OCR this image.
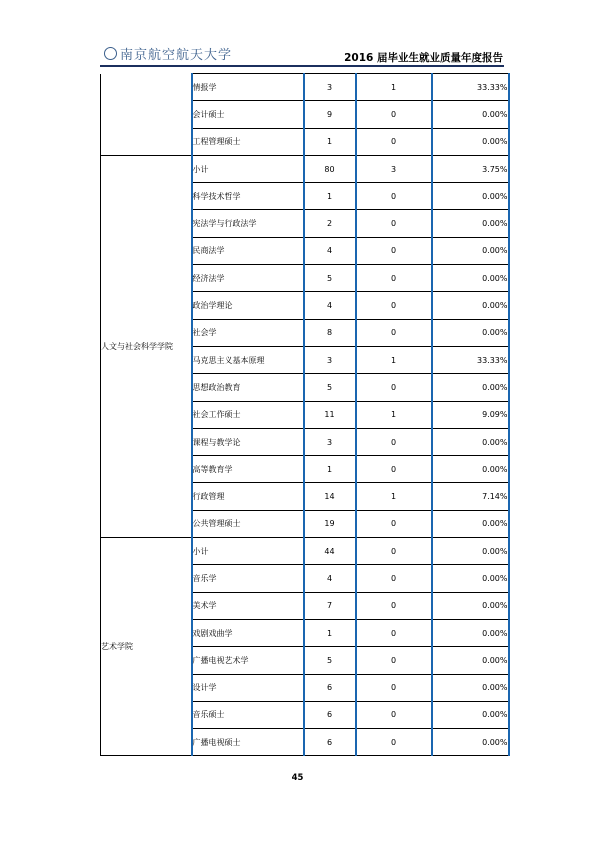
南京航空航天大学	2016 届毕业生就业质量年度报告
	情报学	3	1	33.33%
	会计硕士	9	0	0.00%
	工程管理硕士	1	0	0.00%
人文与社会科学学院	小计	80	3	3.75%
	科学技术哲学	1	0	0.00%
	宪法学与行政法学	2	0	0.00%
	民商法学	4	0	0.00%
	经济法学	5	0	0.00%
	政治学理论	4	0	0.00%
	社会学	8	0	0.00%
	马克思主义基本原理	3	1	33.33%
	思想政治教育	5	0	0.00%
	社会工作硕士	11	1	9.09%
	课程与教学论	3	0	0.00%
	高等教育学	1	0	0.00%
	行政管理	14	1	7.14%
	公共管理硕士	19	0	0.00%
艺术学院	小计	44	0	0.00%
	音乐学	4	0	0.00%
	美术学	7	0	0.00%
	戏剧戏曲学	1	0	0.00%
	广播电视艺术学	5	0	0.00%
	设计学	6	0	0.00%
	音乐硕士	6	0	0.00%
	广播电视硕士	6	0	0.00%
45
